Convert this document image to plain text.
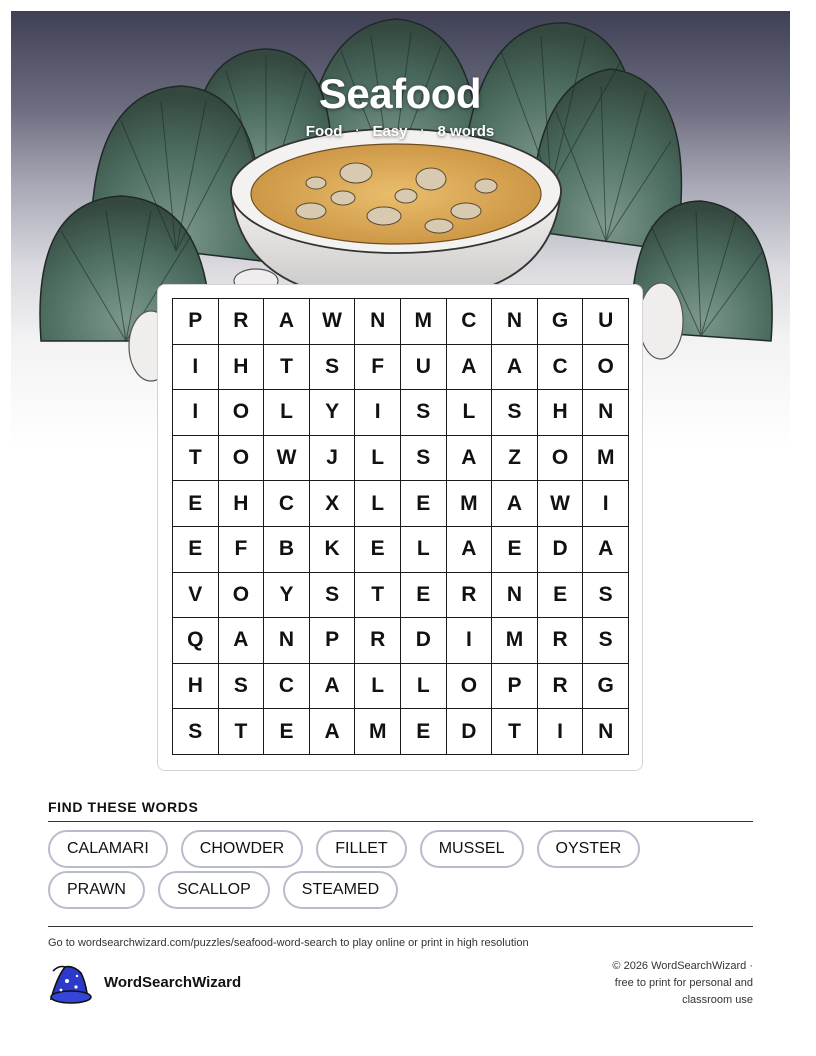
Seafood
Food · Easy · 8 words
P	R	A	W	N	M	C	N	G	U
I	H	T	S	F	U	A	A	C	O
I	O	L	Y	I	S	L	S	H	N
T	O	W	J	L	S	A	Z	O	M
E	H	C	X	L	E	M	A	W	I
E	F	B	K	E	L	A	E	D	A
V	O	Y	S	T	E	R	N	E	S
Q	A	N	P	R	D	I	M	R	S
H	S	C	A	L	L	O	P	R	G
S	T	E	A	M	E	D	T	I	N
FIND THESE WORDS
CALAMARI	CHOWDER	FILLET	MUSSEL	OYSTER
PRAWN	SCALLOP	STEAMED
Go to wordsearchwizard.com/puzzles/seafood-word-search to play online or print in high resolution
WordSearchWizard
© 2026 WordSearchWizard ·
free to print for personal and
classroom use
